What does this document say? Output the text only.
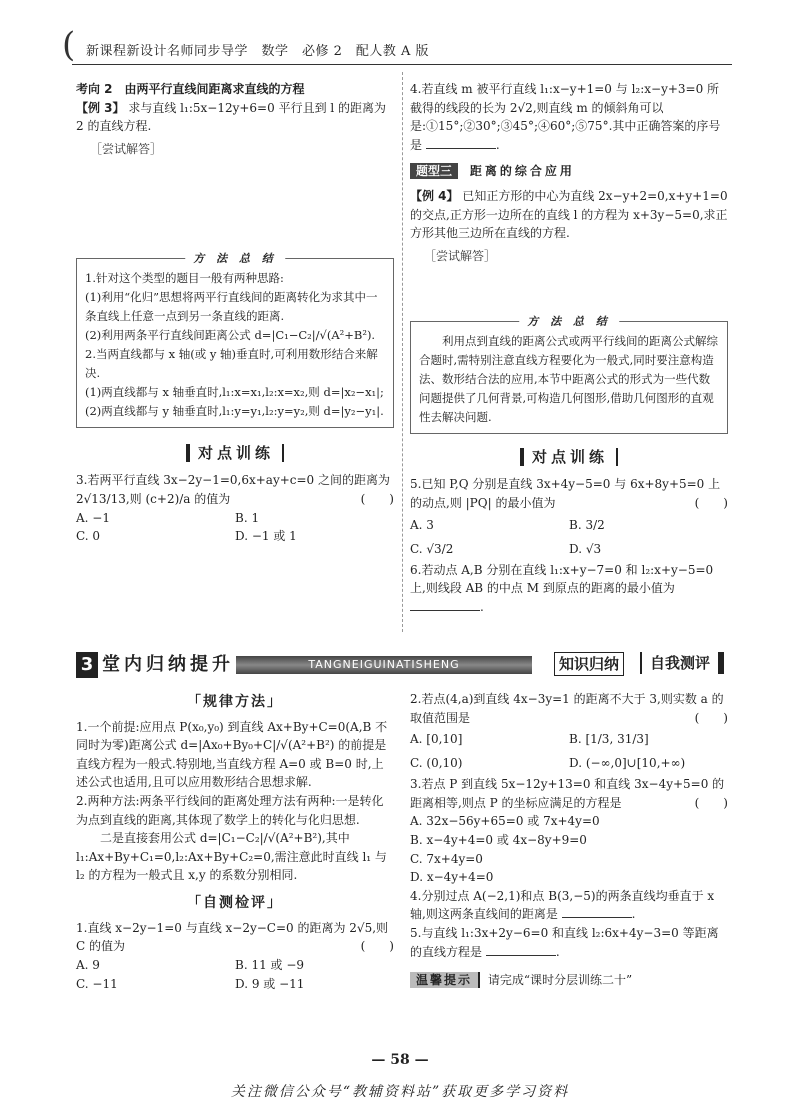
( 新课程新设计名师同步导学　数学　必修 2　配人教 A 版

考向 2　由两平行直线间距离求直线的方程

【例 3】 求与直线 l₁:5x−12y+6=0 平行且到 l 的距离为 2 的直线方程.

［尝试解答］

方 法 总 结

1.针对这个类型的题目一般有两种思路:

(1)利用“化归”思想将两平行直线间的距离转化为求其中一条直线上任意一点到另一条直线的距离.

(2)利用两条平行直线间距离公式 d=|C₁−C₂|/√(A²+B²).

2.当两直线都与 x 轴(或 y 轴)垂直时,可利用数形结合来解决.

(1)两直线都与 x 轴垂直时,l₁:x=x₁,l₂:x=x₂,则 d=|x₂−x₁|;

(2)两直线都与 y 轴垂直时,l₁:y=y₁,l₂:y=y₂,则 d=|y₂−y₁|.

对点训练

3.若两平行直线 3x−2y−1=0,6x+ay+c=0 之间的距离为 2√13/13,则 (c+2)/a 的值为	(　　)

A. −1	B. 1
C. 0	D. −1 或 1

4.若直线 m 被平行直线 l₁:x−y+1=0 与 l₂:x−y+3=0 所截得的线段的长为 2√2,则直线 m 的倾斜角可以是:①15°;②30°;③45°;④60°;⑤75°.其中正确答案的序号是	.

题型三 距离的综合应用

【例 4】 已知正方形的中心为直线 2x−y+2=0,x+y+1=0 的交点,正方形一边所在的直线 l 的方程为 x+3y−5=0,求正方形其他三边所在直线的方程.

［尝试解答］

方 法 总 结

利用点到直线的距离公式或两平行线间的距离公式解综合题时,需特别注意直线方程要化为一般式,同时要注意构造法、数形结合法的应用,本节中距离公式的形式为一些代数问题提供了几何背景,可构造几何图形,借助几何图形的直观性去解决问题.

对点训练

5.已知 P,Q 分别是直线 3x+4y−5=0 与 6x+8y+5=0 上的动点,则 |PQ| 的最小值为	(　　)

A. 3	B. 3/2
C. √3/2	D. √3

6.若动点 A,B 分别在直线 l₁:x+y−7=0 和 l₂:x+y−5=0 上,则线段 AB 的中点 M 到原点的距离的最小值为 .

3 堂内归纳提升	TANGNEIGUINATISHENG	知识归纳	自我测评

「规律方法」

1.一个前提:应用点 P(x₀,y₀) 到直线 Ax+By+C=0(A,B 不同时为零)距离公式 d=|Ax₀+By₀+C|/√(A²+B²) 的前提是直线方程为一般式.特别地,当直线方程 A=0 或 B=0 时,上述公式也适用,且可以应用数形结合思想求解.

2.两种方法:两条平行线间的距离处理方法有两种:一是转化为点到直线的距离,其体现了数学上的转化与化归思想.

二是直接套用公式 d=|C₁−C₂|/√(A²+B²),其中 l₁:Ax+By+C₁=0,l₂:Ax+By+C₂=0,需注意此时直线 l₁ 与 l₂ 的方程为一般式且 x,y 的系数分别相同.

「自测检评」

1.直线 x−2y−1=0 与直线 x−2y−C=0 的距离为 2√5,则 C 的值为	(　　)

A. 9	B. 11 或 −9
C. −11	D. 9 或 −11

2.若点(4,a)到直线 4x−3y=1 的距离不大于 3,则实数 a 的取值范围是	(　　)

A. [0,10]	B. [1/3, 31/3]
C. (0,10)	D. (−∞,0]∪[10,+∞)

3.若点 P 到直线 5x−12y+13=0 和直线 3x−4y+5=0 的距离相等,则点 P 的坐标应满足的方程是	(　　)

A. 32x−56y+65=0 或 7x+4y=0

B. x−4y+4=0 或 4x−8y+9=0

C. 7x+4y=0

D. x−4y+4=0

4.分别过点 A(−2,1)和点 B(3,−5)的两条直线均垂直于 x 轴,则这两条直线间的距离是	.

5.与直线 l₁:3x+2y−6=0 和直线 l₂:6x+4y−3=0 等距离的直线方程是	.

温馨提示 请完成“课时分层训练二十”

— 58 —
关注微信公众号“教辅资料站”获取更多学习资料
